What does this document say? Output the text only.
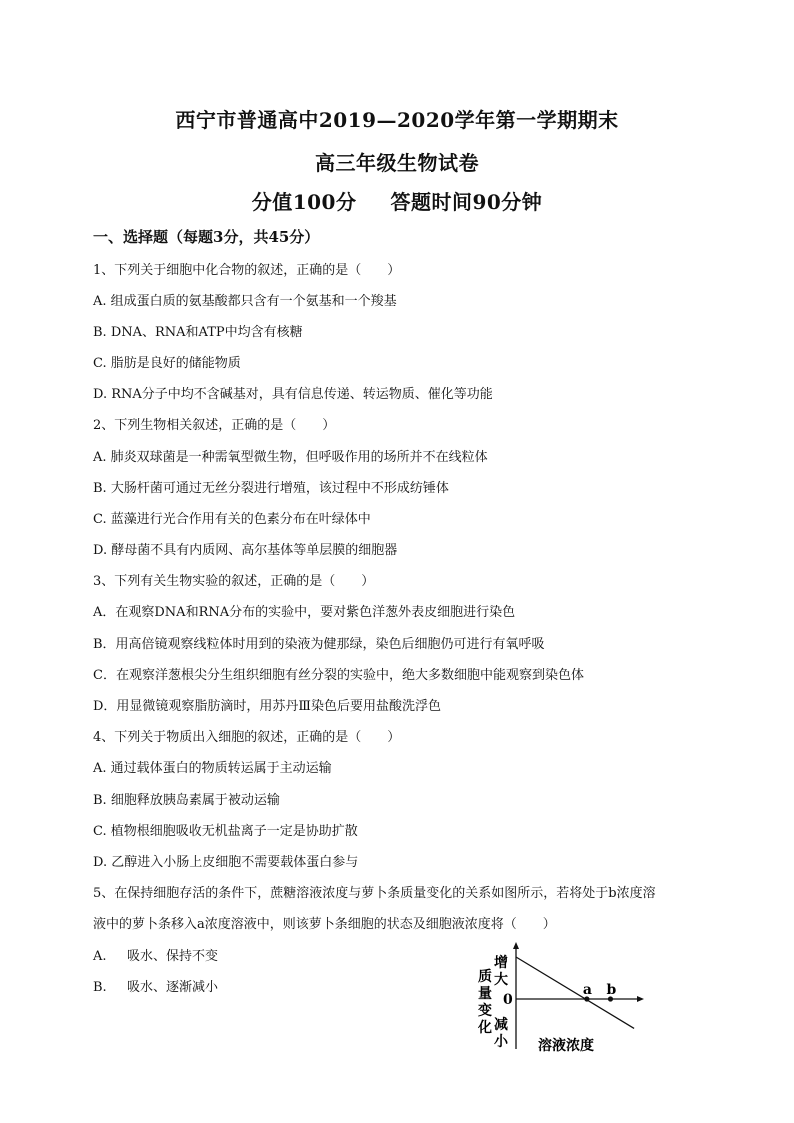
西宁市普通高中2019—2020学年第一学期期末
高三年级生物试卷
分值100分 答题时间90分钟
一、选择题（每题3分，共45分）
1、下列关于细胞中化合物的叙述，正确的是（　　）
A. 组成蛋白质的氨基酸都只含有一个氨基和一个羧基
B. DNA、RNA和ATP中均含有核糖
C. 脂肪是良好的储能物质
D. RNA分子中均不含碱基对，具有信息传递、转运物质、催化等功能
2、下列生物相关叙述，正确的是（　　）
A. 肺炎双球菌是一种需氧型微生物，但呼吸作用的场所并不在线粒体
B. 大肠杆菌可通过无丝分裂进行增殖，该过程中不形成纺锤体
C. 蓝藻进行光合作用有关的色素分布在叶绿体中
D. 酵母菌不具有内质网、高尔基体等单层膜的细胞器
3、下列有关生物实验的叙述，正确的是（　　）
A．在观察DNA和RNA分布的实验中，要对紫色洋葱外表皮细胞进行染色
B．用高倍镜观察线粒体时用到的染液为健那绿，染色后细胞仍可进行有氧呼吸
C．在观察洋葱根尖分生组织细胞有丝分裂的实验中，绝大多数细胞中能观察到染色体
D．用显微镜观察脂肪滴时，用苏丹Ⅲ染色后要用盐酸洗浮色
4、下列关于物质出入细胞的叙述，正确的是（　　）
A. 通过载体蛋白的物质转运属于主动运输
B. 细胞释放胰岛素属于被动运输
C. 植物根细胞吸收无机盐离子一定是协助扩散
D. 乙醇进入小肠上皮细胞不需要载体蛋白参与
5、在保持细胞存活的条件下，蔗糖溶液浓度与萝卜条质量变化的关系如图所示，若将处于b浓度溶
液中的萝卜条移入a浓度溶液中，则该萝卜条细胞的状态及细胞液浓度将（　　）
A. 吸水、保持不变
B. 吸水、逐渐减小
质
量
变
化
增
大
减
小
0
a b
溶液浓度
